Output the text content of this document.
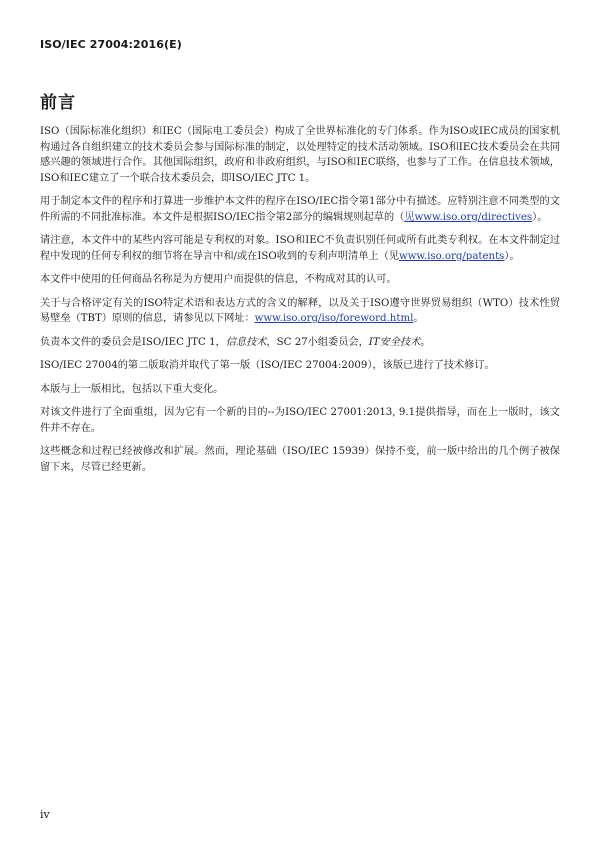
ISO/IEC 27004:2016(E)
前言

ISO（国际标准化组织）和IEC（国际电工委员会）构成了全世界标准化的专门体系。作为ISO或IEC成员的国家机构通过各自组织建立的技术委员会参与国际标准的制定，以处理特定的技术活动领域。ISO和IEC技术委员会在共同感兴趣的领域进行合作。其他国际组织，政府和非政府组织，与ISO和IEC联络，也参与了工作。在信息技术领域，ISO和IEC建立了一个联合技术委员会，即ISO/IEC JTC 1。

用于制定本文件的程序和打算进一步维护本文件的程序在ISO/IEC指令第1部分中有描述。应特别注意不同类型的文件所需的不同批准标准。本文件是根据ISO/IEC指令第2部分的编辑规则起草的（见www.iso.org/directives）。

请注意，本文件中的某些内容可能是专利权的对象。ISO和IEC不负责识别任何或所有此类专利权。在本文件制定过程中发现的任何专利权的细节将在导言中和/或在ISO收到的专利声明清单上（见www.iso.org/patents）。

本文件中使用的任何商品名称是为方便用户而提供的信息，不构成对其的认可。

关于与合格评定有关的ISO特定术语和表达方式的含义的解释，以及关于ISO遵守世界贸易组织（WTO）技术性贸易壁垒（TBT）原则的信息，请参见以下网址：www.iso.org/iso/foreword.html。

负责本文件的委员会是ISO/IEC JTC 1，信息技术，SC 27小组委员会，IT安全技术。

ISO/IEC 27004的第二版取消并取代了第一版（ISO/IEC 27004:2009），该版已进行了技术修订。

本版与上一版相比，包括以下重大变化。

对该文件进行了全面重组，因为它有一个新的目的--为ISO/IEC 27001:2013, 9.1提供指导，而在上一版时，该文件并不存在。

这些概念和过程已经被修改和扩展。然而，理论基础（ISO/IEC 15939）保持不变，前一版中给出的几个例子被保留下来，尽管已经更新。

iv
